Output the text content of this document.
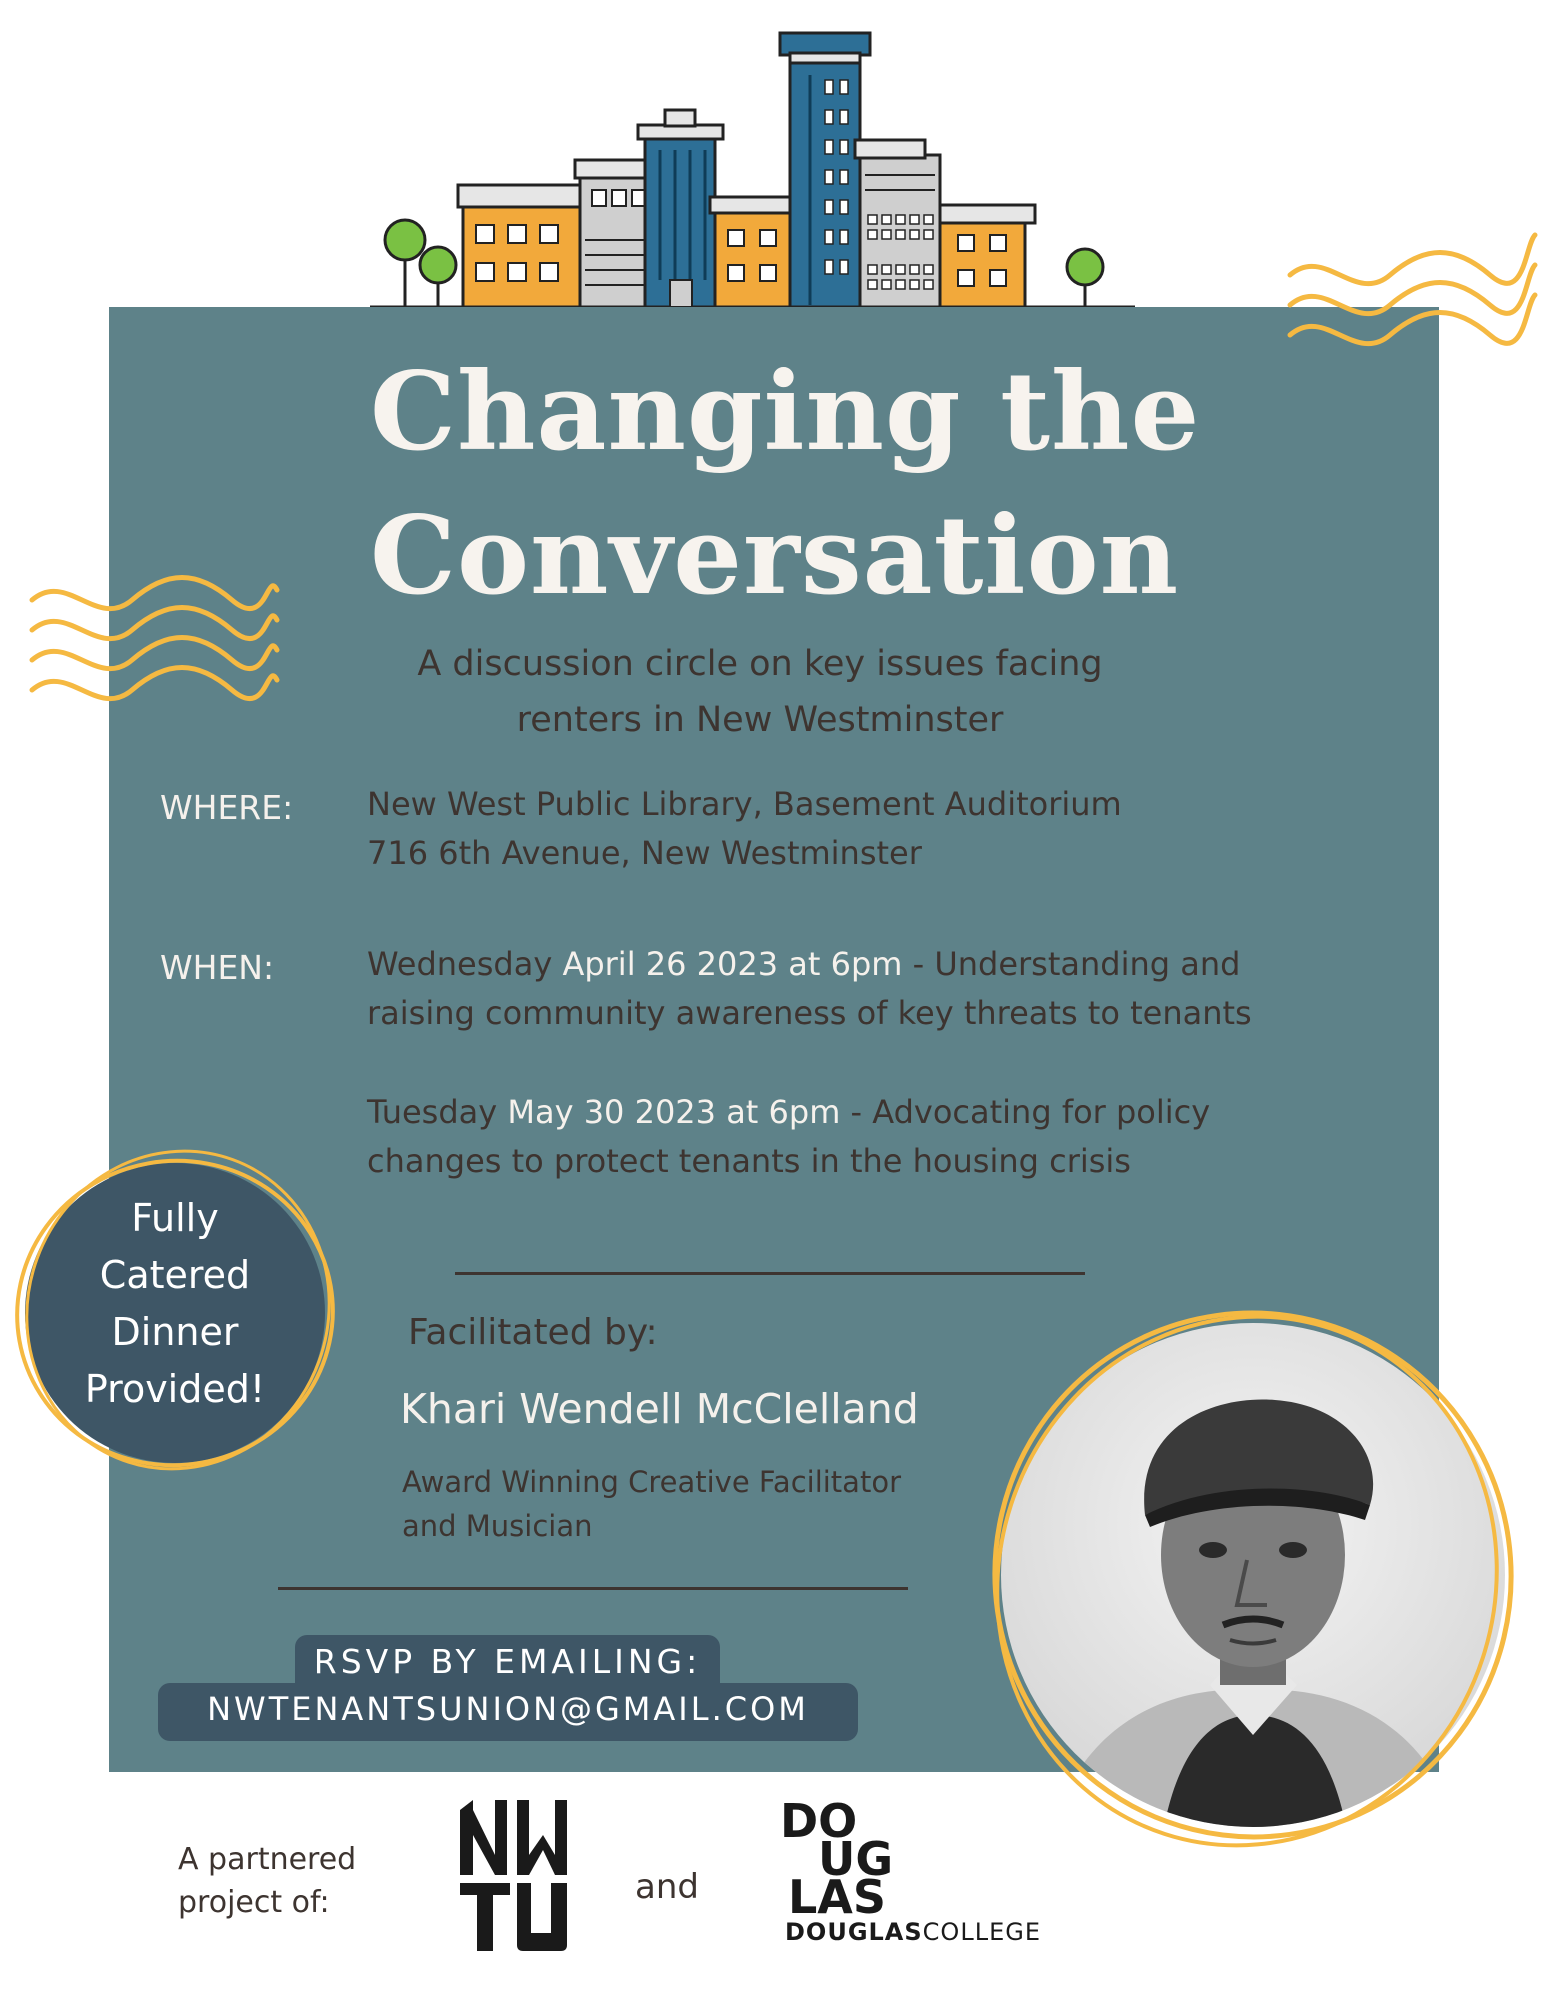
Changing the
Conversation
A discussion circle on key issues facing
renters in New Westminster
WHERE: New West Public Library, Basement Auditorium
716 6th Avenue, New Westminster
WHEN:	Wednesday April 26 2023 at 6pm - Understanding and
raising community awareness of key threats to tenants
Tuesday May 30 2023 at 6pm - Advocating for policy
changes to protect tenants in the housing crisis
Fully
Catered
Dinner
Provided!
Facilitated by:
Khari Wendell McClelland
Award Winning Creative Facilitator
and Musician
RSVP BY EMAILING:
NWTENANTSUNION@GMAIL.COM
A partnered
project of:	and
DO
UG
LAS
DOUGLASCOLLEGE
